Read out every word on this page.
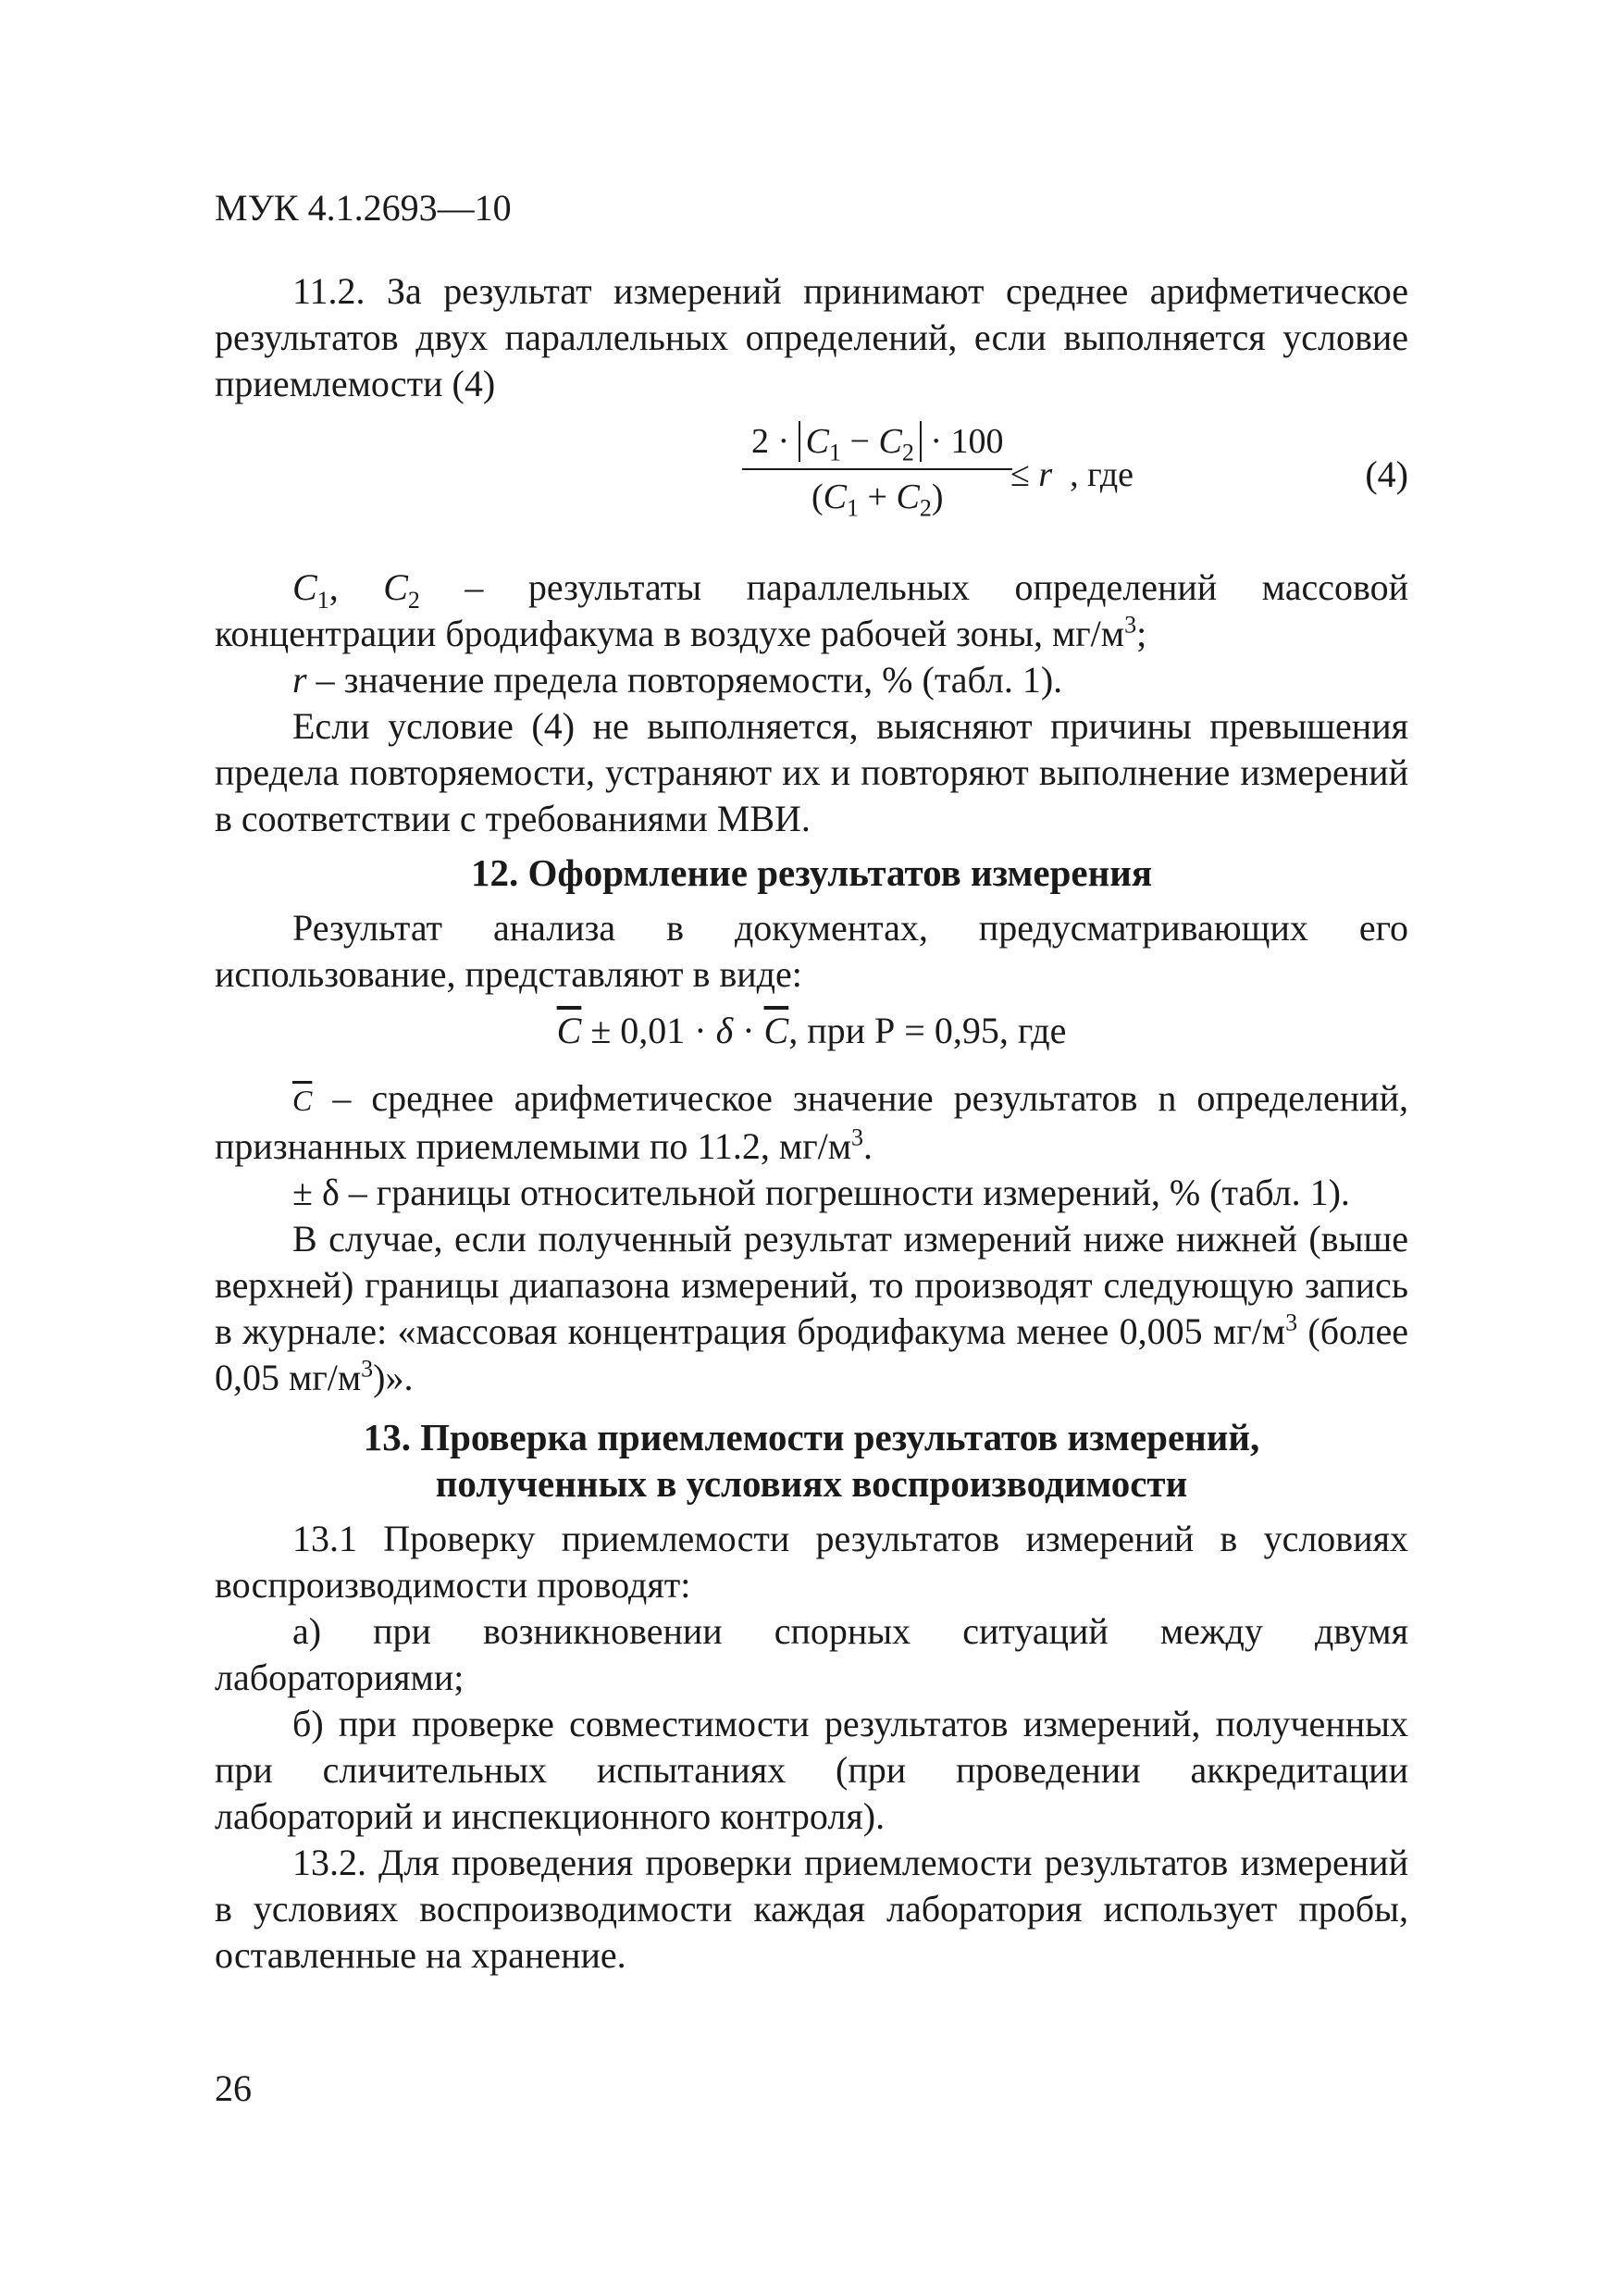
МУК 4.1.2693—10

11.2. За результат измерений принимают среднее арифметическое результатов двух параллельных определений, если выполняется условие приемлемости (4)

$\frac{2 \cdot C_1 - C_2 \cdot 100}{(C_1 + C_2)}$
≤ r , где	(4)

$C_1$, $C_2$ – результаты параллельных определений массовой концентрации бродифакума в воздухе рабочей зоны, $мг/м^3$;

r – значение предела повторяемости, % (табл. 1).

Если условие (4) не выполняется, выясняют причины превышения предела повторяемости, устраняют их и повторяют выполнение измерений в соответствии с требованиями МВИ.

12. Оформление результатов измерения

Результат анализа в документах, предусматривающих его использование, представляют в виде:

$\overline{C} \pm 0,01 \cdot \delta \cdot \overline{C}$, при Р = 0,95, где

$\overline{C}$ – среднее арифметическое значение результатов n определений, признанных приемлемыми по 11.2, $мг/м^3$.

± δ – границы относительной погрешности измерений, % (табл. 1).

В случае, если полученный результат измерений ниже нижней (выше верхней) границы диапазона измерений, то производят следующую запись в журнале: «массовая концентрация бродифакума менее 0,005 $мг/м^3$ (более 0,05 $мг/м^3$)».

13. Проверка приемлемости результатов измерений,
полученных в условиях воспроизводимости

13.1 Проверку приемлемости результатов измерений в условиях воспроизводимости проводят:

а) при возникновении спорных ситуаций между двумя лабораториями;

б) при проверке совместимости результатов измерений, полученных при сличительных испытаниях (при проведении аккредитации лабораторий и инспекционного контроля).

13.2. Для проведения проверки приемлемости результатов измерений в условиях воспроизводимости каждая лаборатория использует пробы, оставленные на хранение.

26
